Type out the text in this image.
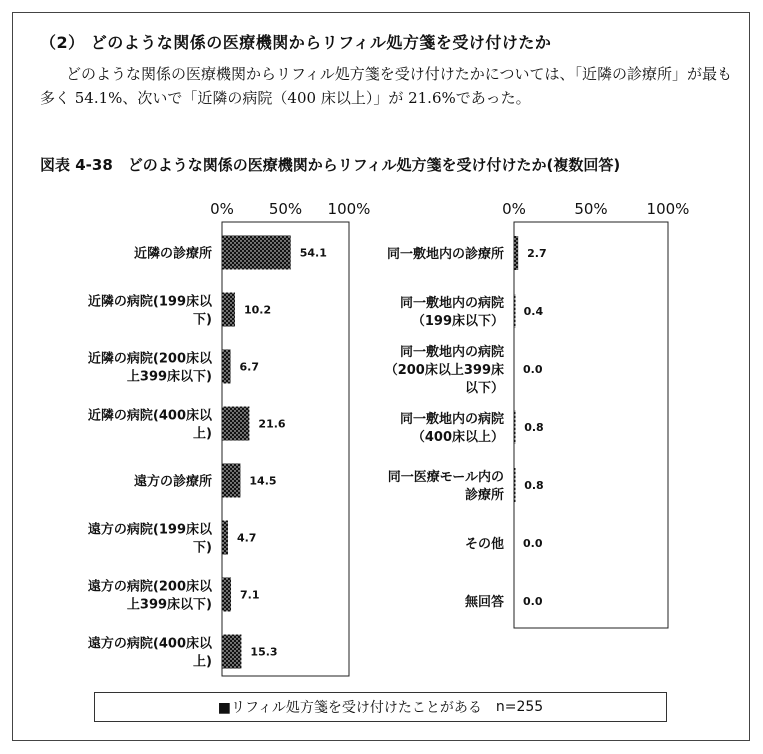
（2） どのような関係の医療機関からリフィル処方箋を受け付けたか
どのような関係の医療機関からリフィル処方箋を受け付けたかについては、「近隣の診療所」が最も多く 54.1%、次いで「近隣の病院（400 床以上）」が 21.6%であった。
図表 4-38　どのような関係の医療機関からリフィル処方箋を受け付けたか(複数回答)
0% 50% 100%
54.1
近隣の診療所
10.2
近隣の病院(199床以
下)
6.7
近隣の病院(200床以
上399床以下)
21.6
近隣の病院(400床以
上)
14.5
遠方の診療所
4.7
遠方の病院(199床以
下)
7.1
遠方の病院(200床以
上399床以下)
15.3
遠方の病院(400床以
上)
0%	50%	100%
2.7
同一敷地内の診療所
0.4
同一敷地内の病院
（199床以下）
0.0
同一敷地内の病院
（200床以上399床
以下）
0.8
同一敷地内の病院
（400床以上）
0.8
同一医療モール内の
診療所
0.0
その他
0.0
無回答
■リフィル処方箋を受け付けたことがある n=255
